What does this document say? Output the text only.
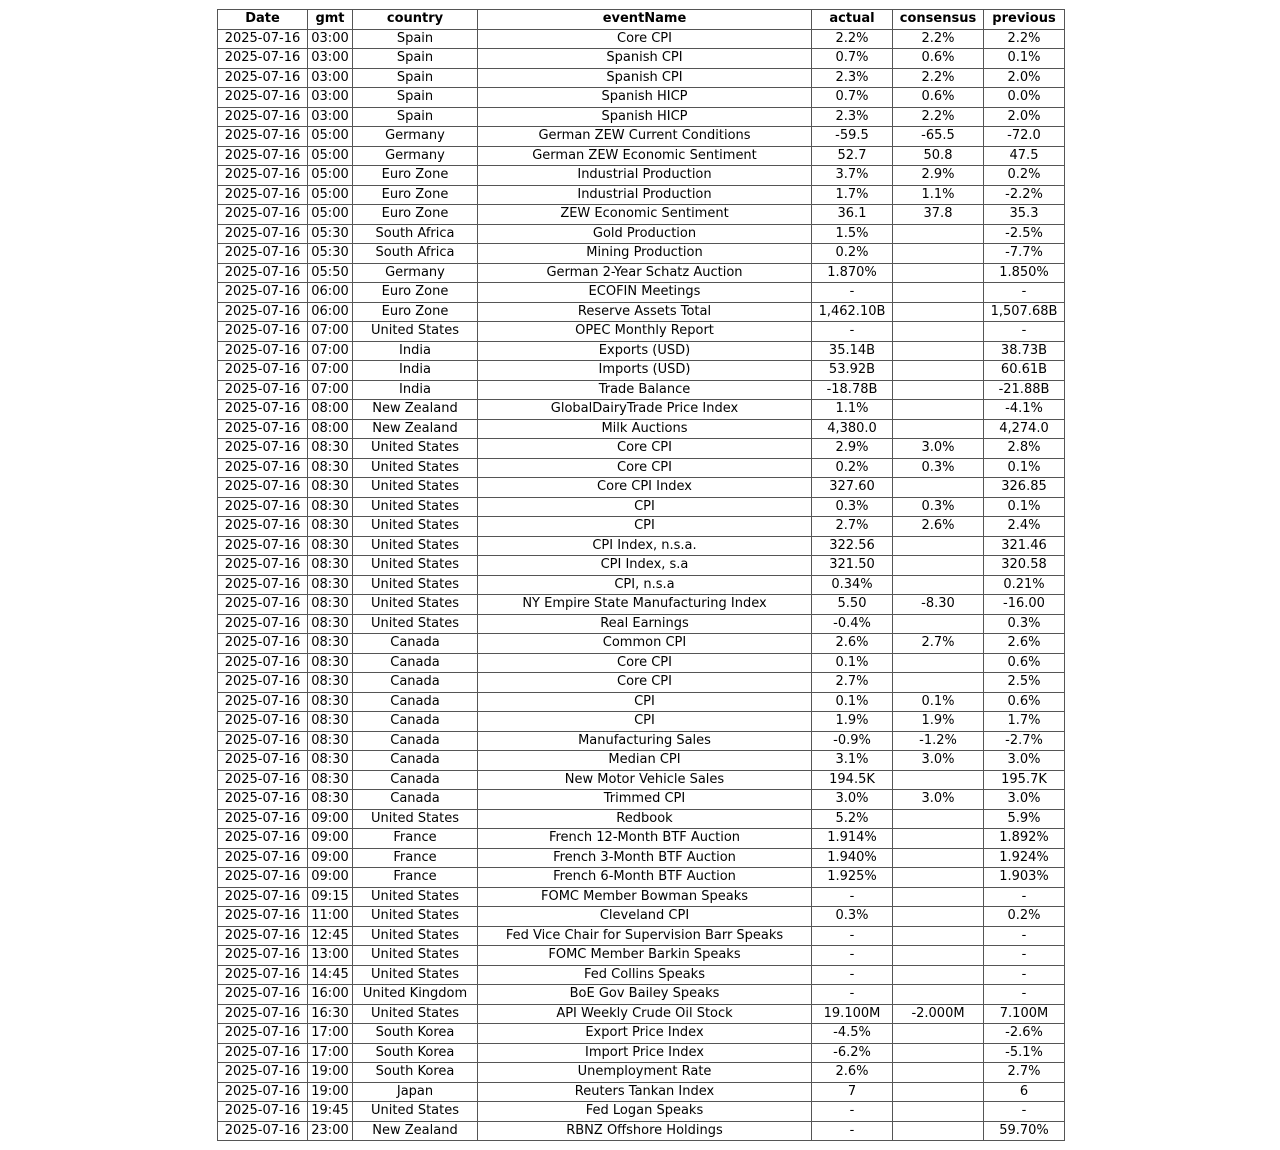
Date	gmt	country	eventName	actual	consensus	previous
2025-07-16	03:00	Spain	Core CPI	2.2%	2.2%	2.2%
2025-07-16	03:00	Spain	Spanish CPI	0.7%	0.6%	0.1%
2025-07-16	03:00	Spain	Spanish CPI	2.3%	2.2%	2.0%
2025-07-16	03:00	Spain	Spanish HICP	0.7%	0.6%	0.0%
2025-07-16	03:00	Spain	Spanish HICP	2.3%	2.2%	2.0%
2025-07-16	05:00	Germany	German ZEW Current Conditions	-59.5	-65.5	-72.0
2025-07-16	05:00	Germany	German ZEW Economic Sentiment	52.7	50.8	47.5
2025-07-16	05:00	Euro Zone	Industrial Production	3.7%	2.9%	0.2%
2025-07-16	05:00	Euro Zone	Industrial Production	1.7%	1.1%	-2.2%
2025-07-16	05:00	Euro Zone	ZEW Economic Sentiment	36.1	37.8	35.3
2025-07-16	05:30	South Africa	Gold Production	1.5%		-2.5%
2025-07-16	05:30	South Africa	Mining Production	0.2%		-7.7%
2025-07-16	05:50	Germany	German 2-Year Schatz Auction	1.870%		1.850%
2025-07-16	06:00	Euro Zone	ECOFIN Meetings	-		-
2025-07-16	06:00	Euro Zone	Reserve Assets Total	1,462.10B		1,507.68B
2025-07-16	07:00	United States	OPEC Monthly Report	-		-
2025-07-16	07:00	India	Exports (USD)	35.14B		38.73B
2025-07-16	07:00	India	Imports (USD)	53.92B		60.61B
2025-07-16	07:00	India	Trade Balance	-18.78B		-21.88B
2025-07-16	08:00	New Zealand	GlobalDairyTrade Price Index	1.1%		-4.1%
2025-07-16	08:00	New Zealand	Milk Auctions	4,380.0		4,274.0
2025-07-16	08:30	United States	Core CPI	2.9%	3.0%	2.8%
2025-07-16	08:30	United States	Core CPI	0.2%	0.3%	0.1%
2025-07-16	08:30	United States	Core CPI Index	327.60		326.85
2025-07-16	08:30	United States	CPI	0.3%	0.3%	0.1%
2025-07-16	08:30	United States	CPI	2.7%	2.6%	2.4%
2025-07-16	08:30	United States	CPI Index, n.s.a.	322.56		321.46
2025-07-16	08:30	United States	CPI Index, s.a	321.50		320.58
2025-07-16	08:30	United States	CPI, n.s.a	0.34%		0.21%
2025-07-16	08:30	United States	NY Empire State Manufacturing Index	5.50	-8.30	-16.00
2025-07-16	08:30	United States	Real Earnings	-0.4%		0.3%
2025-07-16	08:30	Canada	Common CPI	2.6%	2.7%	2.6%
2025-07-16	08:30	Canada	Core CPI	0.1%		0.6%
2025-07-16	08:30	Canada	Core CPI	2.7%		2.5%
2025-07-16	08:30	Canada	CPI	0.1%	0.1%	0.6%
2025-07-16	08:30	Canada	CPI	1.9%	1.9%	1.7%
2025-07-16	08:30	Canada	Manufacturing Sales	-0.9%	-1.2%	-2.7%
2025-07-16	08:30	Canada	Median CPI	3.1%	3.0%	3.0%
2025-07-16	08:30	Canada	New Motor Vehicle Sales	194.5K		195.7K
2025-07-16	08:30	Canada	Trimmed CPI	3.0%	3.0%	3.0%
2025-07-16	09:00	United States	Redbook	5.2%		5.9%
2025-07-16	09:00	France	French 12-Month BTF Auction	1.914%		1.892%
2025-07-16	09:00	France	French 3-Month BTF Auction	1.940%		1.924%
2025-07-16	09:00	France	French 6-Month BTF Auction	1.925%		1.903%
2025-07-16	09:15	United States	FOMC Member Bowman Speaks	-		-
2025-07-16	11:00	United States	Cleveland CPI	0.3%		0.2%
2025-07-16	12:45	United States	Fed Vice Chair for Supervision Barr Speaks	-		-
2025-07-16	13:00	United States	FOMC Member Barkin Speaks	-		-
2025-07-16	14:45	United States	Fed Collins Speaks	-		-
2025-07-16	16:00	United Kingdom	BoE Gov Bailey Speaks	-		-
2025-07-16	16:30	United States	API Weekly Crude Oil Stock	19.100M	-2.000M	7.100M
2025-07-16	17:00	South Korea	Export Price Index	-4.5%		-2.6%
2025-07-16	17:00	South Korea	Import Price Index	-6.2%		-5.1%
2025-07-16	19:00	South Korea	Unemployment Rate	2.6%		2.7%
2025-07-16	19:00	Japan	Reuters Tankan Index	7		6
2025-07-16	19:45	United States	Fed Logan Speaks	-		-
2025-07-16	23:00	New Zealand	RBNZ Offshore Holdings	-		59.70%
